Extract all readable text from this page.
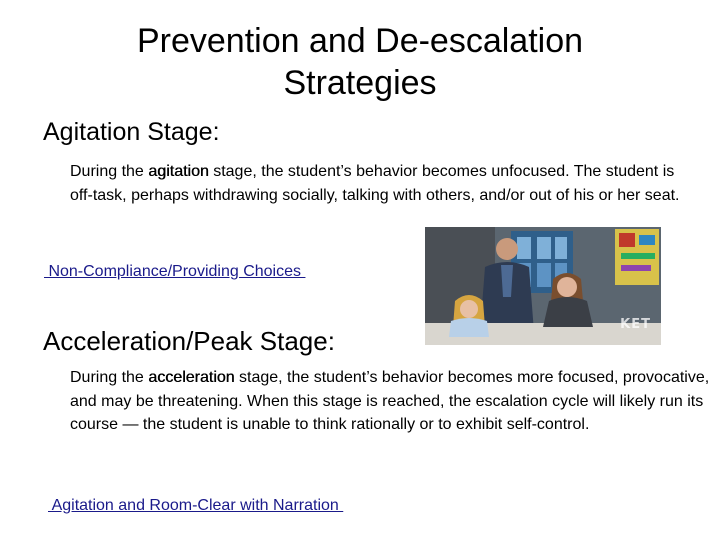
Prevention and De-escalation
Strategies
Agitation Stage:

During the agitation stage, the student’s behavior becomes unfocused. The student is off-task, perhaps withdrawing socially, talking with others, and/or out of his or her seat.

Non-Compliance/Providing Choices
KET
Acceleration/Peak Stage:

During the acceleration stage, the student’s behavior becomes more focused, provocative, and may be threatening. When this stage is reached, the escalation cycle will likely run its course — the student is unable to think rationally or to exhibit self-control.

Agitation and Room-Clear with Narration
